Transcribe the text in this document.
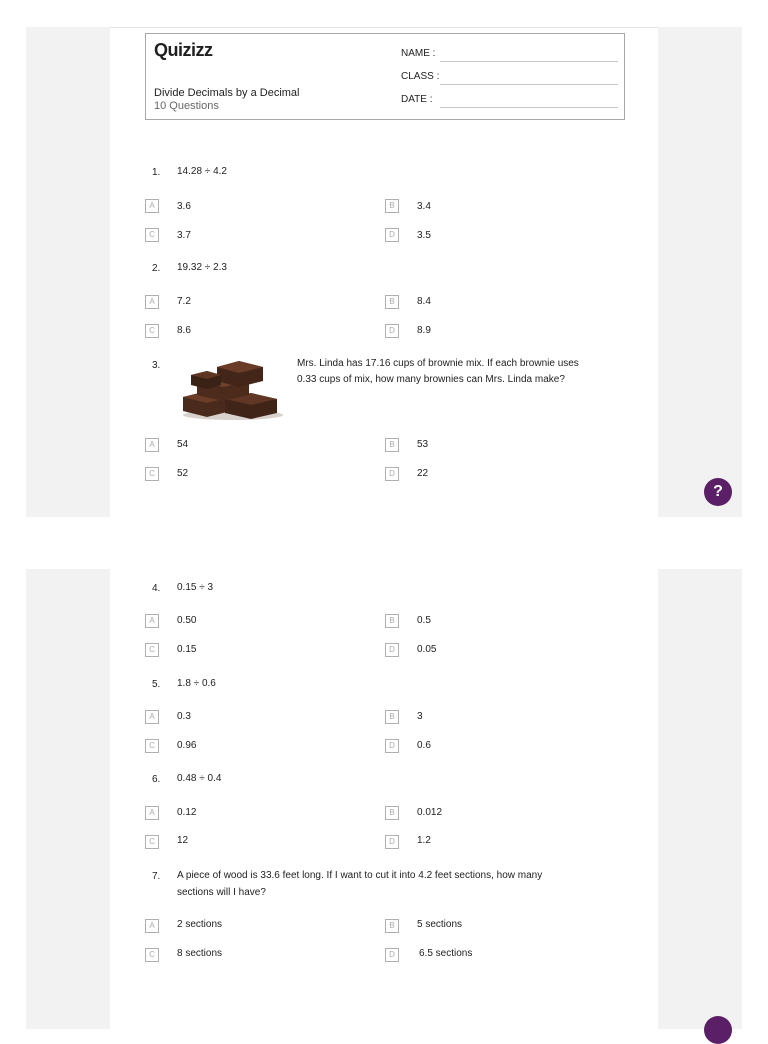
Quizizz
Divide Decimals by a Decimal
10 Questions
NAME :
CLASS :
DATE :
1. 14.28 ÷ 4.2
A	3.6	B	3.4
C	3.7	D	3.5
2. 19.32 ÷ 2.3
A	7.2	B	8.4
C	8.6	D	8.9
3.	Mrs. Linda has 17.16 cups of brownie mix. If each brownie uses
0.33 cups of mix, how many brownies can Mrs. Linda make?
A	54	B	53
C	52	D	22
4. 0.15 ÷ 3
A	0.50	B	0.5
C	0.15	D	0.05
5. 1.8 ÷ 0.6
A	0.3	B	3
C	0.96	D	0.6
6. 0.48 ÷ 0.4
A	0.12	B	0.012
C	12	D	1.2
7. A piece of wood is 33.6 feet long. If I want to cut it into 4.2 feet sections, how many
sections will I have?
A	2 sections	B	5 sections
C	8 sections	D	6.5 sections
?
